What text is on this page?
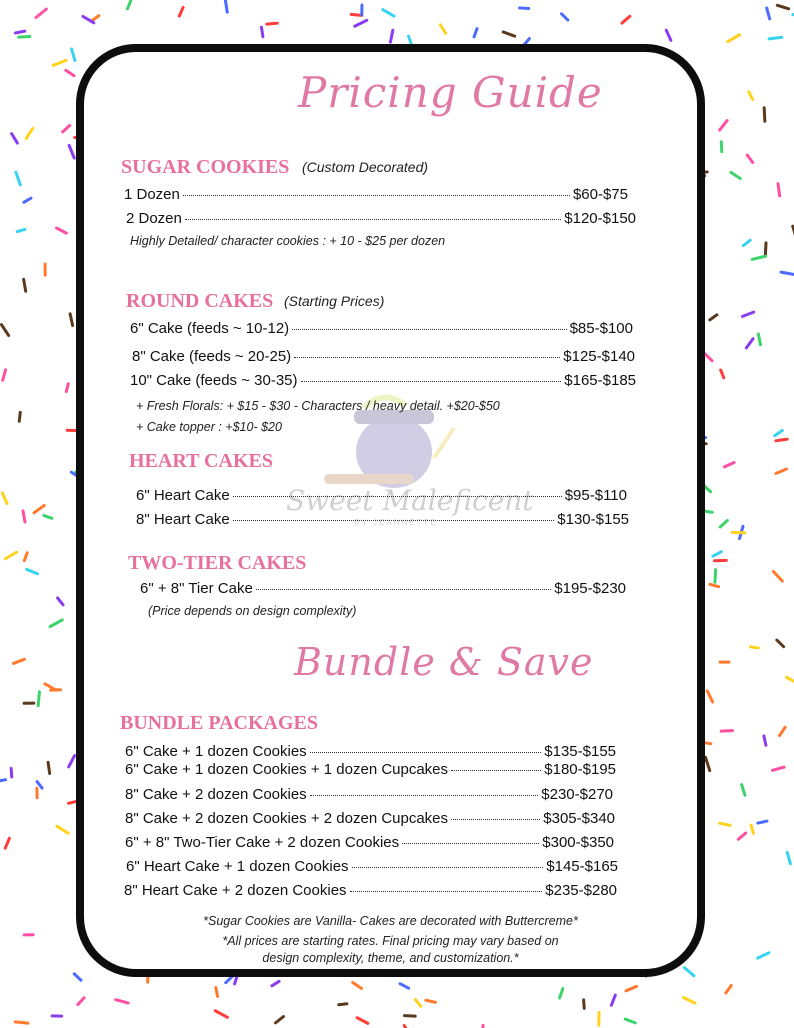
Pricing Guide
Sweet Maleficent
BY JEANNETTE
SUGAR COOKIES (Custom Decorated)
1 Dozen	$60-$75
2 Dozen	$120-$150
Highly Detailed/ character cookies : + 10 - $25 per dozen
ROUND CAKES (Starting Prices)
6" Cake (feeds ~ 10-12)	$85-$100
8" Cake (feeds ~ 20-25)	$125-$140
10" Cake (feeds ~ 30-35)	$165-$185
+ Fresh Florals: + $15 - $30 - Characters / heavy detail. +$20-$50
+ Cake topper : +$10- $20
HEART CAKES
6" Heart Cake	$95-$110
8" Heart Cake	$130-$155
TWO-TIER CAKES
6" + 8" Tier Cake	$195-$230
(Price depends on design complexity)
Bundle & Save
BUNDLE PACKAGES
6" Cake + 1 dozen Cookies	$135-$155
6" Cake + 1 dozen Cookies + 1 dozen Cupcakes	$180-$195
8" Cake + 2 dozen Cookies	$230-$270
8" Cake + 2 dozen Cookies + 2 dozen Cupcakes	$305-$340
6" + 8" Two-Tier Cake + 2 dozen Cookies	$300-$350
6" Heart Cake + 1 dozen Cookies	$145-$165
8" Heart Cake + 2 dozen Cookies	$235-$280
*Sugar Cookies are Vanilla- Cakes are decorated with Buttercreme*
*All prices are starting rates. Final pricing may vary based on
design complexity, theme, and customization.*
